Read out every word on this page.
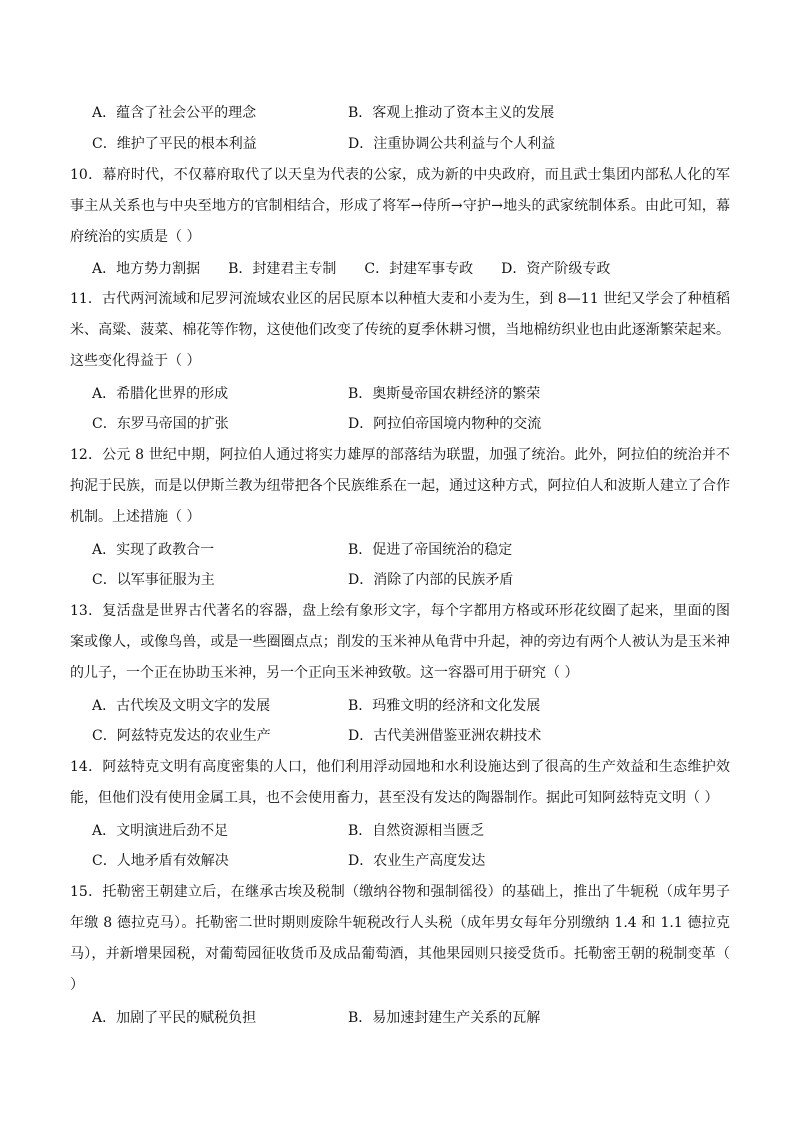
A．蕴含了社会公平的理念	B．客观上推动了资本主义的发展
C．维护了平民的根本利益	D．注重协调公共利益与个人利益

10．幕府时代，不仅幕府取代了以天皇为代表的公家，成为新的中央政府，而且武士集团内部私人化的军事主从关系也与中央至地方的官制相结合，形成了将军→侍所→守护→地头的武家统制体系。由此可知，幕府统治的实质是（ ）

A．地方势力割据 B．封建君主专制 C．封建军事专政 D．资产阶级专政

11．古代两河流域和尼罗河流域农业区的居民原本以种植大麦和小麦为生，到 8—11 世纪又学会了种植稻米、高粱、菠菜、棉花等作物，这使他们改变了传统的夏季休耕习惯，当地棉纺织业也由此逐渐繁荣起来。这些变化得益于（ ）

A．希腊化世界的形成	B．奥斯曼帝国农耕经济的繁荣
C．东罗马帝国的扩张	D．阿拉伯帝国境内物种的交流

12．公元 8 世纪中期，阿拉伯人通过将实力雄厚的部落结为联盟，加强了统治。此外，阿拉伯的统治并不拘泥于民族，而是以伊斯兰教为纽带把各个民族维系在一起，通过这种方式，阿拉伯人和波斯人建立了合作机制。上述措施（ ）

A．实现了政教合一	B．促进了帝国统治的稳定
C．以军事征服为主	D．消除了内部的民族矛盾

13．复活盘是世界古代著名的容器，盘上绘有象形文字，每个字都用方格或环形花纹圈了起来，里面的图案或像人，或像鸟兽，或是一些圈圈点点；削发的玉米神从龟背中升起，神的旁边有两个人被认为是玉米神的儿子，一个正在协助玉米神，另一个正向玉米神致敬。这一容器可用于研究（ ）

A．古代埃及文明文字的发展	B．玛雅文明的经济和文化发展
C．阿兹特克发达的农业生产	D．古代美洲借鉴亚洲农耕技术

14．阿兹特克文明有高度密集的人口，他们利用浮动园地和水利设施达到了很高的生产效益和生态维护效能，但他们没有使用金属工具，也不会使用畜力，甚至没有发达的陶器制作。据此可知阿兹特克文明（ ）

A．文明演进后劲不足	B．自然资源相当匮乏
C．人地矛盾有效解决	D．农业生产高度发达

15．托勒密王朝建立后，在继承古埃及税制（缴纳谷物和强制徭役）的基础上，推出了牛轭税（成年男子年缴 8 德拉克马）。托勒密二世时期则废除牛轭税改行人头税（成年男女每年分别缴纳 1.4 和 1.1 德拉克马），并新增果园税，对葡萄园征收货币及成品葡萄酒，其他果园则只接受货币。托勒密王朝的税制变革（ ）

A．加剧了平民的赋税负担	B．易加速封建生产关系的瓦解
